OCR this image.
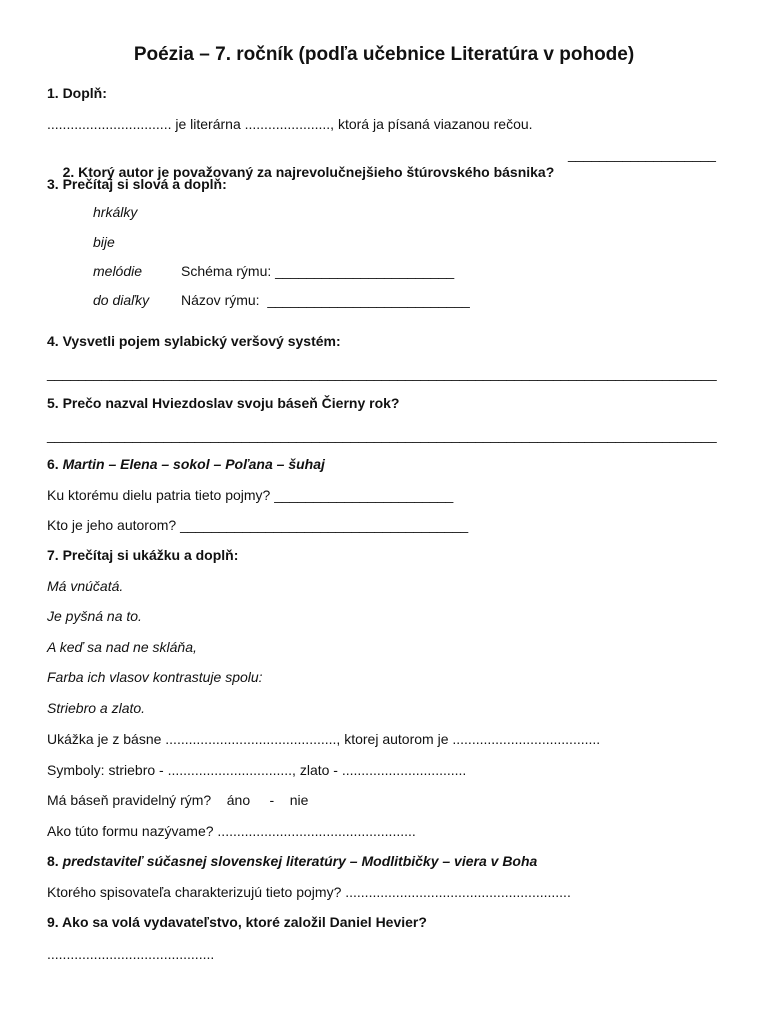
Poézia – 7. ročník (podľa učebnice Literatúra v pohode)
1. Doplň:
................................ je literárna ......................, ktorá ja písaná viazanou rečou.

2. Ktorý autor je považovaný za najrevolučnejšieho štúrovského básnika?

___________________
3. Prečítaj si slová a doplň:
hrkálky
bije
melódie	Schéma rýmu: _______________________
do diaľky Názov rýmu:  __________________________
4. Vysvetli pojem sylabický veršový systém:
______________________________________________________________________________________
5. Prečo nazval Hviezdoslav svoju báseň Čierny rok?
______________________________________________________________________________________
6. Martin – Elena – sokol – Poľana – šuhaj
Ku ktorému dielu patria tieto pojmy? _______________________
Kto je jeho autorom? _____________________________________
7. Prečítaj si ukážku a doplň:
Má vnúčatá.
Je pyšná na to.
A keď sa nad ne skláňa,
Farba ich vlasov kontrastuje spolu:
Striebro a zlato.
Ukážka je z básne ............................................, ktorej autorom je ......................................
Symboly: striebro - ................................, zlato - ................................
Má báseň pravidelný rým?    áno     -    nie
Ako túto formu nazývame? ...................................................
8. predstaviteľ súčasnej slovenskej literatúry – Modlitbičky – viera v Boha
Ktorého spisovateľa charakterizujú tieto pojmy? ..........................................................
9. Ako sa volá vydavateľstvo, ktoré založil Daniel Hevier?
...........................................
